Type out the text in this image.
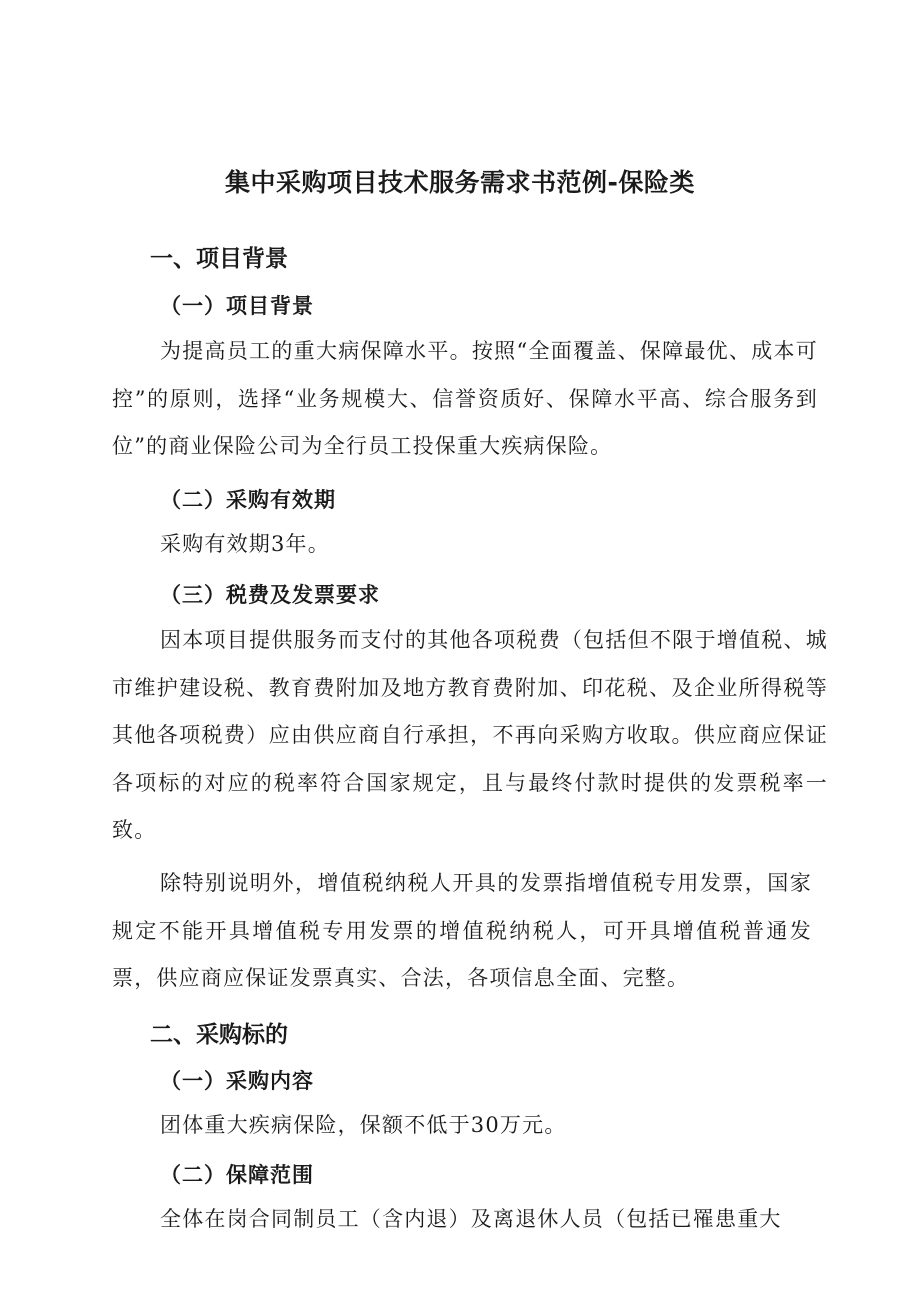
集中采购项目技术服务需求书范例-保险类
一、项目背景
（一）项目背景

为提高员工的重大病保障水平。按照“全面覆盖、保障最优、成本可控”的原则，选择“业务规模大、信誉资质好、保障水平高、综合服务到位”的商业保险公司为全行员工投保重大疾病保险。

（二）采购有效期

采购有效期3年。

（三）税费及发票要求

因本项目提供服务而支付的其他各项税费（包括但不限于增值税、城市维护建设税、教育费附加及地方教育费附加、印花税、及企业所得税等其他各项税费）应由供应商自行承担，不再向采购方收取。供应商应保证各项标的对应的税率符合国家规定，且与最终付款时提供的发票税率一致。

除特别说明外，增值税纳税人开具的发票指增值税专用发票，国家规定不能开具增值税专用发票的增值税纳税人，可开具增值税普通发票，供应商应保证发票真实、合法，各项信息全面、完整。

二、采购标的
（一）采购内容

团体重大疾病保险，保额不低于30万元。

（二）保障范围

全体在岗合同制员工（含内退）及离退休人员（包括已罹患重大
